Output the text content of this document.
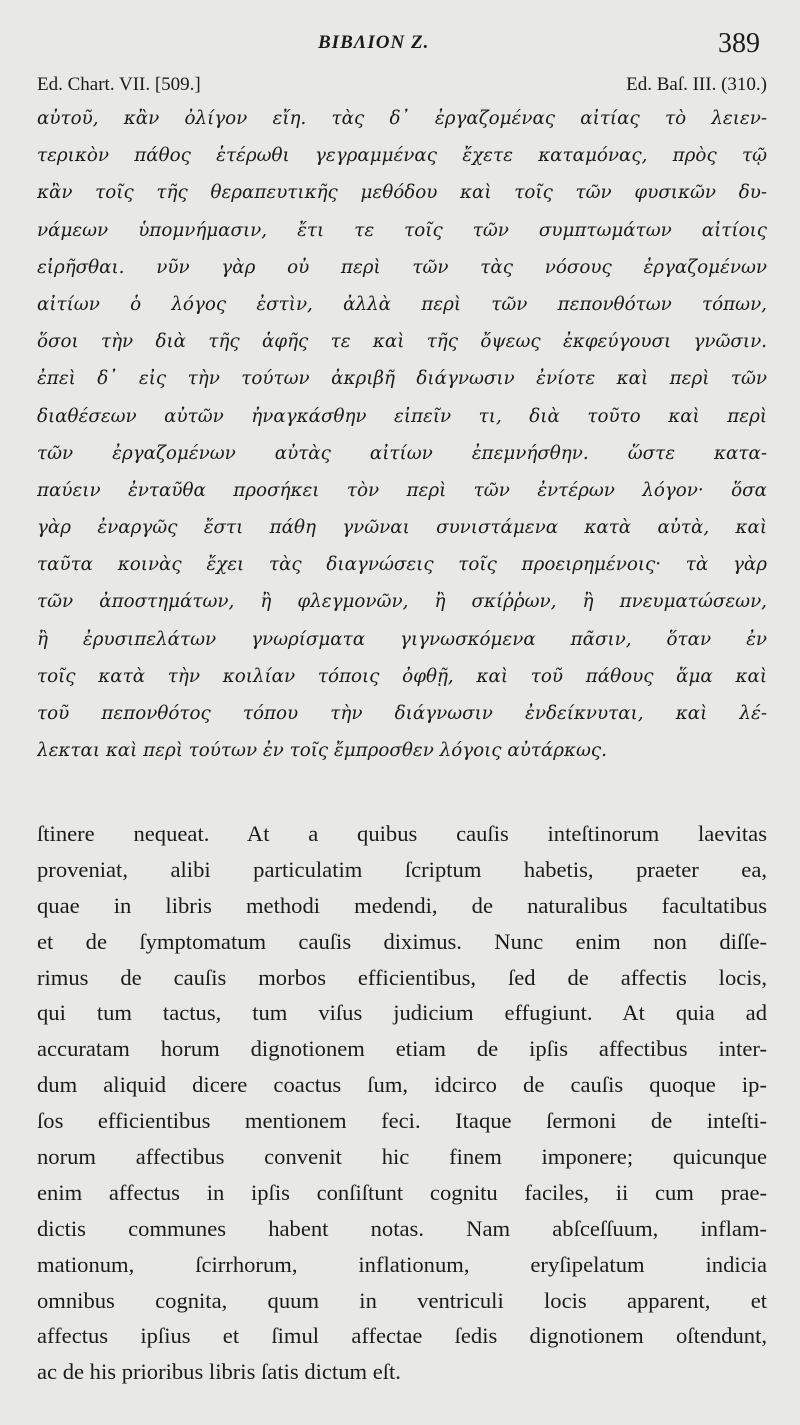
BIBΛΙΟΝ Ζ.	389
Ed. Chart. VII. [509.]	Ed. Baſ. III. (310.)
αὐτοῦ, κἂν ὀλίγον εἴη. τὰς δ᾽ ἐργαζομένας αἰτίας τὸ λειεν-
τερικὸν πάθος ἑτέρωθι γεγραμμένας ἔχετε καταμόνας, πρὸς τῷ
κἂν τοῖς τῆς θεραπευτικῆς μεθόδου καὶ τοῖς τῶν φυσικῶν δυ-
νάμεων ὑπομνήμασιν, ἔτι τε τοῖς τῶν συμπτωμάτων αἰτίοις
εἰρῆσθαι. νῦν γὰρ οὐ περὶ τῶν τὰς νόσους ἐργαζομένων
αἰτίων ὁ λόγος ἐστὶν, ἀλλὰ περὶ τῶν πεπονθότων τόπων,
ὅσοι τὴν διὰ τῆς ἁφῆς τε καὶ τῆς ὄψεως ἐκφεύγουσι γνῶσιν.
ἐπεὶ δ᾽ εἰς τὴν τούτων ἀκριβῆ διάγνωσιν ἐνίοτε καὶ περὶ τῶν
διαθέσεων αὐτῶν ἠναγκάσθην εἰπεῖν τι, διὰ τοῦτο καὶ περὶ
τῶν ἐργαζομένων αὐτὰς αἰτίων ἐπεμνήσθην. ὥστε κατα-
παύειν ἐνταῦθα προσήκει τὸν περὶ τῶν ἐντέρων λόγον· ὅσα
γὰρ ἐναργῶς ἔστι πάθη γνῶναι συνιστάμενα κατὰ αὐτὰ, καὶ
ταῦτα κοινὰς ἔχει τὰς διαγνώσεις τοῖς προειρημένοις· τὰ γὰρ
τῶν ἀποστημάτων, ἢ φλεγμονῶν, ἢ σκίῤῥων, ἢ πνευματώσεων,
ἢ ἐρυσιπελάτων γνωρίσματα γιγνωσκόμενα πᾶσιν, ὅταν ἐν
τοῖς κατὰ τὴν κοιλίαν τόποις ὀφθῇ, καὶ τοῦ πάθους ἅμα καὶ
τοῦ πεπονθότος τόπου τὴν διάγνωσιν ἐνδείκνυται, καὶ λέ-
λεκται καὶ περὶ τούτων ἐν τοῖς ἔμπροσθεν λόγοις αὐτάρκως.
ſtinere nequeat. At a quibus cauſis inteſtinorum laevitas
proveniat, alibi particulatim ſcriptum habetis, praeter ea,
quae in libris methodi medendi, de naturalibus facultatibus
et de ſymptomatum cauſis diximus. Nunc enim non diſſe-
rimus de cauſis morbos efficientibus, ſed de affectis locis,
qui tum tactus, tum viſus judicium effugiunt. At quia ad
accuratam horum dignotionem etiam de ipſis affectibus inter-
dum aliquid dicere coactus ſum, idcirco de cauſis quoque ip-
ſos efficientibus mentionem feci. Itaque ſermoni de inteſti-
norum affectibus convenit hic finem imponere; quicunque
enim affectus in ipſis conſiſtunt cognitu faciles, ii cum prae-
dictis communes habent notas. Nam abſceſſuum, inflam-
mationum, ſcirrhorum, inflationum, eryſipelatum indicia
omnibus cognita, quum in ventriculi locis apparent, et
affectus ipſius et ſimul affectae ſedis dignotionem oſtendunt,
ac de his prioribus libris ſatis dictum eſt.
